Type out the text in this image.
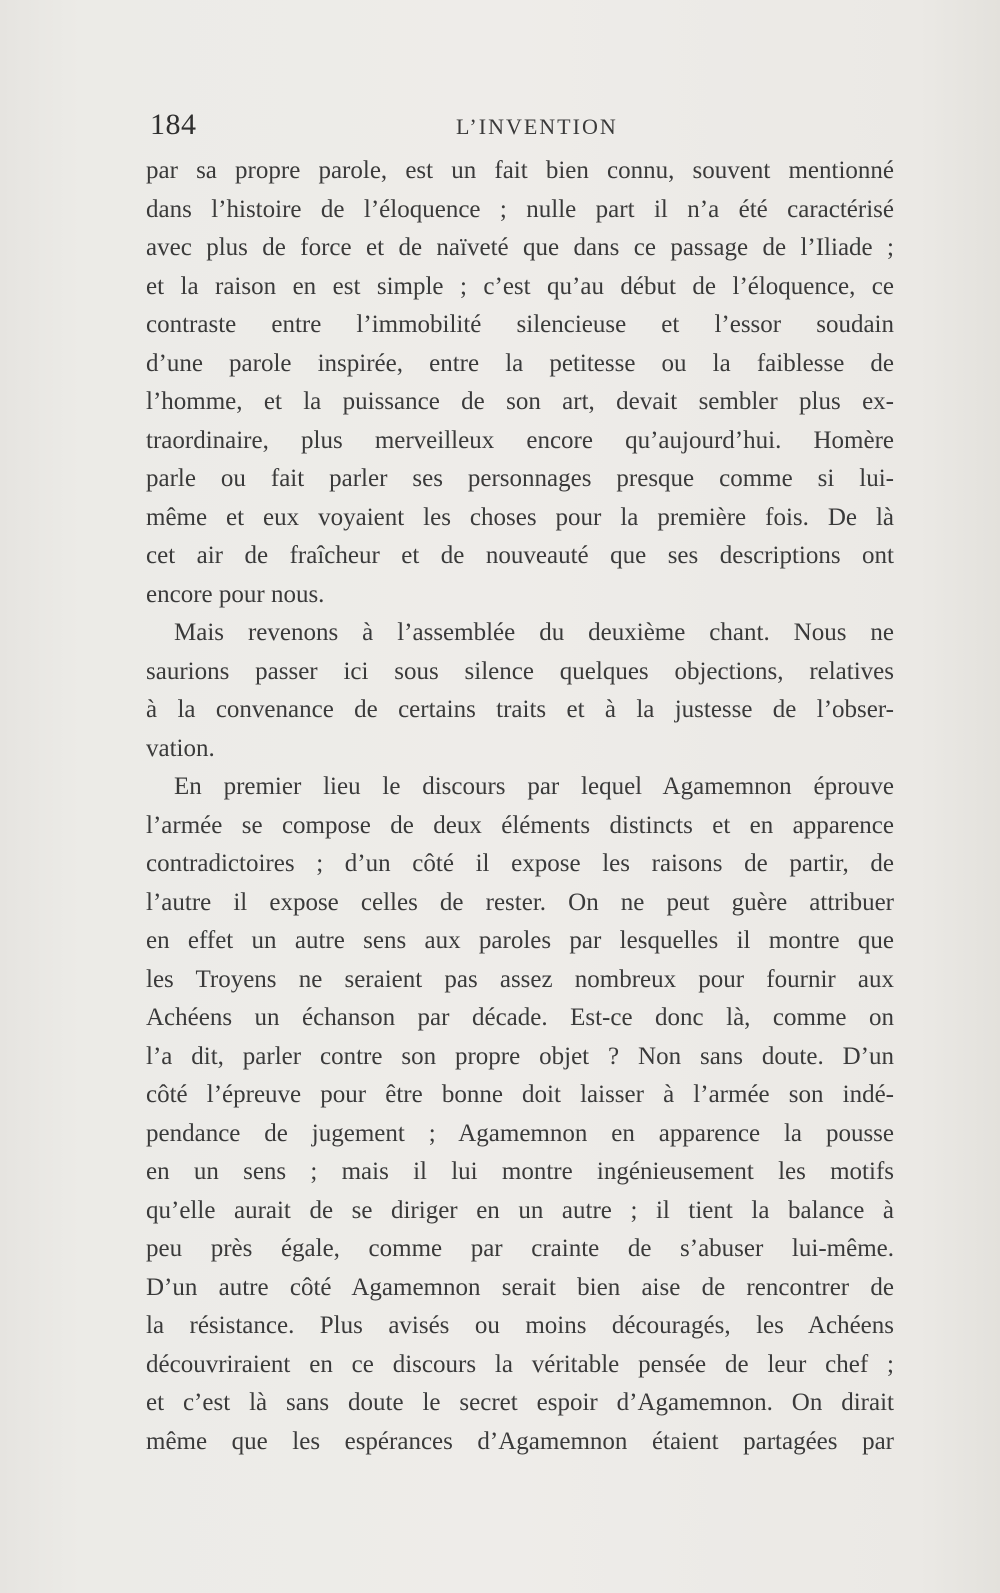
184	L’INVENTION
par sa propre parole, est un fait bien connu, souvent mentionné
dans l’histoire de l’éloquence ; nulle part il n’a été caractérisé
avec plus de force et de naïveté que dans ce passage de l’Iliade ;
et la raison en est simple ; c’est qu’au début de l’éloquence, ce
contraste entre l’immobilité silencieuse et l’essor soudain
d’une parole inspirée, entre la petitesse ou la faiblesse de
l’homme, et la puissance de son art, devait sembler plus ex-
traordinaire, plus merveilleux encore qu’aujourd’hui. Homère
parle ou fait parler ses personnages presque comme si lui-
même et eux voyaient les choses pour la première fois. De là
cet air de fraîcheur et de nouveauté que ses descriptions ont
encore pour nous.
Mais revenons à l’assemblée du deuxième chant. Nous ne
saurions passer ici sous silence quelques objections, relatives
à la convenance de certains traits et à la justesse de l’obser-
vation.
En premier lieu le discours par lequel Agamemnon éprouve
l’armée se compose de deux éléments distincts et en apparence
contradictoires ; d’un côté il expose les raisons de partir, de
l’autre il expose celles de rester. On ne peut guère attribuer
en effet un autre sens aux paroles par lesquelles il montre que
les Troyens ne seraient pas assez nombreux pour fournir aux
Achéens un échanson par décade. Est-ce donc là, comme on
l’a dit, parler contre son propre objet ? Non sans doute. D’un
côté l’épreuve pour être bonne doit laisser à l’armée son indé-
pendance de jugement ; Agamemnon en apparence la pousse
en un sens ; mais il lui montre ingénieusement les motifs
qu’elle aurait de se diriger en un autre ; il tient la balance à
peu près égale, comme par crainte de s’abuser lui-même.
D’un autre côté Agamemnon serait bien aise de rencontrer de
la résistance. Plus avisés ou moins découragés, les Achéens
découvriraient en ce discours la véritable pensée de leur chef ;
et c’est là sans doute le secret espoir d’Agamemnon. On dirait
même que les espérances d’Agamemnon étaient partagées par
